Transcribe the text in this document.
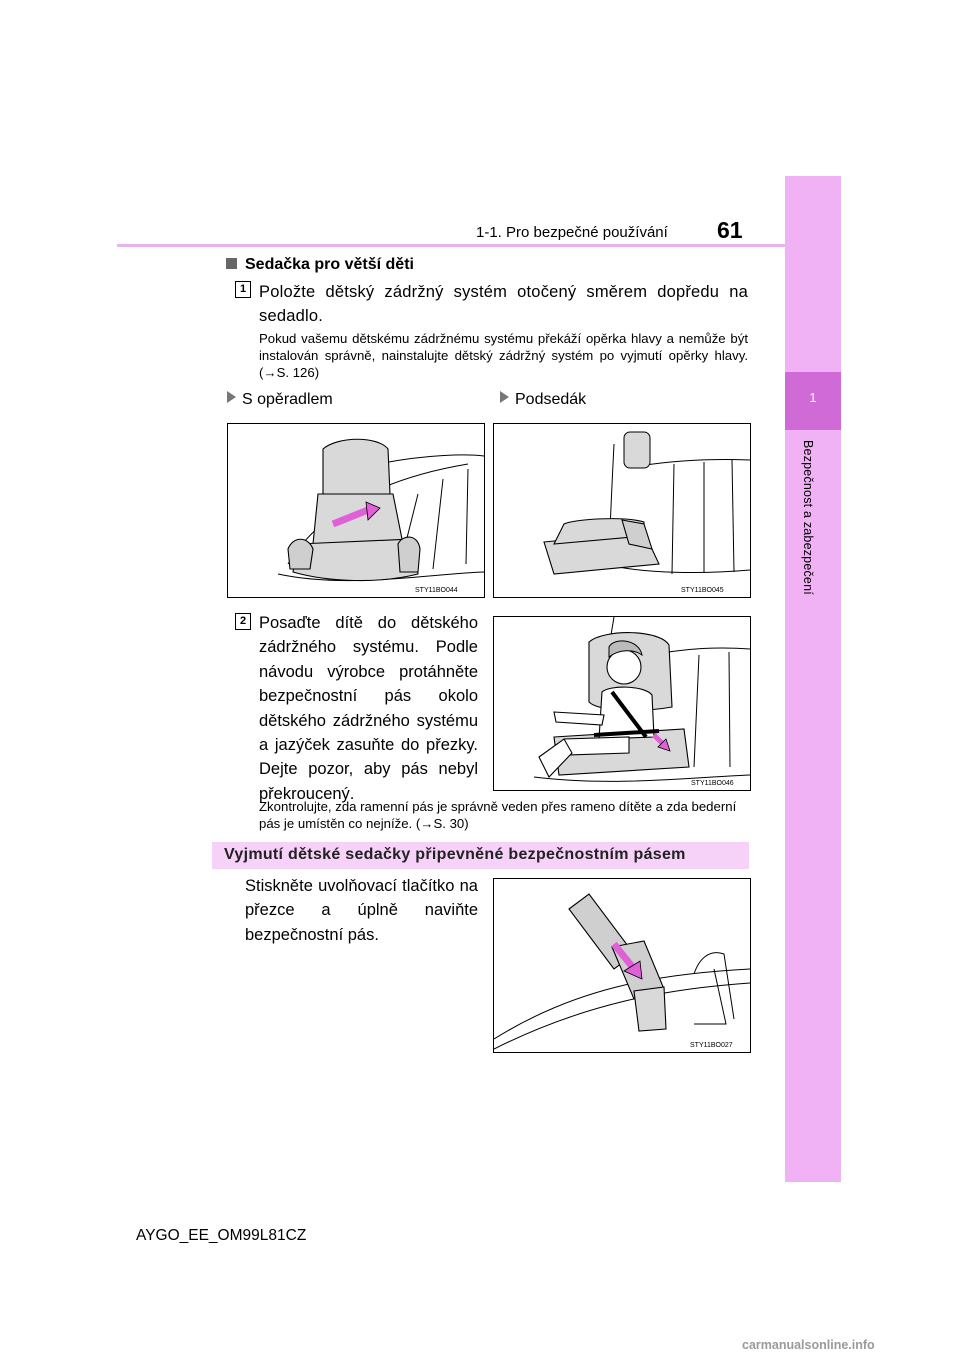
1-1. Pro bezpečné používání 61
1
Bezpečnost a zabezpečení
Sedačka pro větší děti
1 Položte dětský zádržný systém otočený směrem dopředu na sedadlo.
Pokud vašemu dětskému zádržnému systému překáží opěrka hlavy a nemůže být instalován správně, nainstalujte dětský zádržný systém po vyjmutí opěrky hlavy. (→S. 126)
S opěradlem	Podsedák
STY11BO044	STY11BO045
2 Posaďte dítě do dětského zádržného systému. Podle návodu výrobce protáhněte bezpečnostní pás okolo dětského zádržného systému a jazýček zasuňte do přezky. Dejte pozor, aby pás nebyl překroucený.
STY11BO046
Zkontrolujte, zda ramenní pás je správně veden přes rameno dítěte a zda bederní pás je umístěn co nejníže. (→S. 30)
Vyjmutí dětské sedačky připevněné bezpečnostním pásem
Stiskněte uvolňovací tlačítko na přezce a úplně naviňte bezpečnostní pás.
STY11BO027
AYGO_EE_OM99L81CZ
carmanualsonline.info
